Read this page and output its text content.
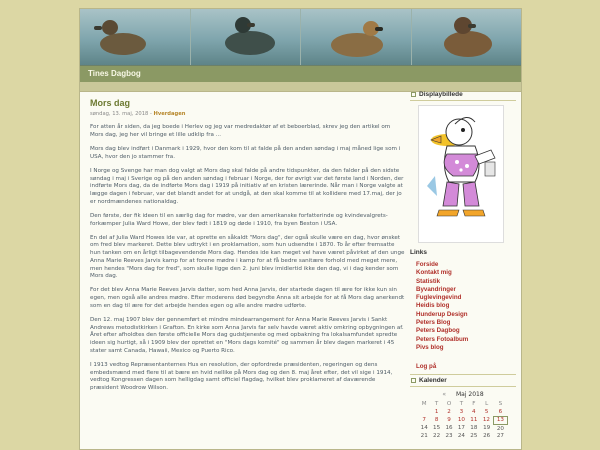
Tines Dagbog
Mors dag
søndag, 13. maj, 2018 - Hverdagen

For atten år siden, da jeg boede i Herlev og jeg var medredaktør af et beboerblad, skrev jeg den artikel om Mors dag, jeg her vil bringe et lille udklip fra ...

Mors dag blev indført i Danmark i 1929, hvor den kom til at falde på den anden søndag i maj måned lige som i USA, hvor den jo stammer fra.

I Norge og Svenge har man dog valgt at Mors dag skal falde på andre tidspunkter, da den falder på den sidste søndag i maj i Sverige og på den anden søndag i februar i Norge, der for øvrigt var det første land i Norden, der indførte Mors dag, da de indførte Mors dag i 1919 på initiativ af en kristen lærerinde. Når man i Norge valgte at lægge dagen i februar, var det blandt andet for at undgå, at den skal komme til at kollidere med 17.maj, der jo er nordmændenes nationaldag.

Den første, der fik ideen til en særlig dag for mødre, var den amerikanske forfatterinde og kvindevalgrets-forkæmper Julia Ward Howe, der blev født i 1819 og døde i 1910, fra byen Beston i USA.

En del af Julia Ward Howes ide var, at oprette en såkaldt "Mors dag", der også skulle være en dag, hvor ønsket om fred blev markeret. Dette blev udtrykt i en proklamation, som hun udsendte i 1870. To år efter fremsatte hun tanken om en årligt tilbagevendende Mors dag. Hendes ide kan meget vel have været påvirket af den unge Anna Marie Reeves Jarvis kamp for at forene mødre i kamp for at få bedre sanitære forhold med meget mere, men hendes "Mors dag for fred", som skulle ligge den 2. juni blev imidlertid ikke den dag, vi i dag kender som Mors dag.

For det blev Anna Marie Reeves Jarvis datter, som hed Anna Jarvis, der startede dagen til ære for ikke kun sin egen, men også alle andres mødre. Efter moderens død begyndte Anna sit arbejde for at få Mors dag anerkendt som en dag til ære for det arbejde hendes egen og alle andre mødre udførte.

Den 12. maj 1907 blev der gennemført et mindre mindearrangement for Anna Marie Reeves Jarvis i Sankt Andrews metodistkirken i Grafton. En kirke som Anna Jarvis far selv havde været aktiv omkring opbygningen af. Året efter afholdtes den første officielle Mors dag gudstjeneste og med opbakning fra lokalsamfundet spredte ideen sig hurtigt, så i 1909 blev der oprettet en "Mors dags komité" og sammen år blev dagen markeret i 45 stater samt Canada, Hawaii, Mexico og Puerto Rico.

I 1913 vedtog Repræsentanternes Hus en resolution, der opfordrede præsidenten, regeringen og dens embedsmænd med flere til at bære en hvid nellike på Mors dag og den 8. maj året efter, det vil sige i 1914, vedtog Kongressen dagen som helligdag samt officiel flagdag, hvilket blev proklameret af daværende præsident Woodrow Wilson.

Displaybillede
Links
Forside
Kontakt mig
Statistik
Byvandringer
Fuglevingevind
Heidis blog
Hunderup Design
Peters Blog
Peters Dagbog
Peters Fotoalbum
Pivs blog
Log på
Kalender
« Maj 2018
M	T	O	T	F	L	S
	1	2	3	4	5	6
7	8	9	10	11	12	13
14	15	16	17	18	19	20
21	22	23	24	25	26	27
